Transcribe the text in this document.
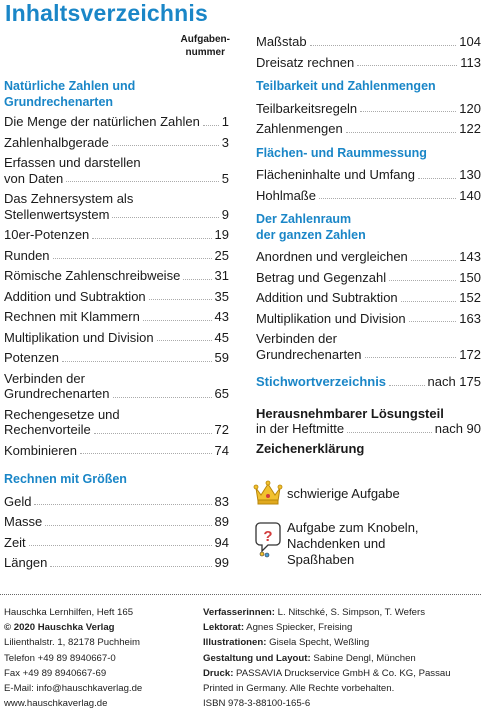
Inhaltsverzeichnis
Aufgaben-
nummer
Natürliche Zahlen und
Grundrechenarten
Die Menge der natürlichen Zahlen 1
Zahlenhalbgerade	3
Erfassen und darstellen
von Daten	5
Das Zehnersystem als
Stellenwertsystem	9
10er-Potenzen	19
Runden	25
Römische Zahlenschreibweise	31
Addition und Subtraktion	35
Rechnen mit Klammern	43
Multiplikation und Division	45
Potenzen	59
Verbinden der
Grundrechenarten	65
Rechengesetze und
Rechenvorteile	72
Kombinieren	74
Rechnen mit Größen
Geld	83
Masse	89
Zeit	94
Längen	99
Maßstab	104
Dreisatz rechnen	113
Teilbarkeit und Zahlenmengen
Teilbarkeitsregeln	120
Zahlenmengen	122
Flächen- und Raummessung
Flächeninhalte und Umfang	130
Hohlmaße	140
Der Zahlenraum
der ganzen Zahlen
Anordnen und vergleichen	143
Betrag und Gegenzahl	150
Addition und Subtraktion	152
Multiplikation und Division	163
Verbinden der
Grundrechenarten	172
Stichwortverzeichnis	nach 175
Herausnehmbarer Lösungsteil
in der Heftmitte	nach 90
Zeichenerklärung
schwierige Aufgabe
?
Aufgabe zum Knobeln,
Nachdenken und
Spaßhaben
Hauschka Lernhilfen, Heft 165
© 2020 Hauschka Verlag
Lilienthalstr. 1, 82178 Puchheim
Telefon +49 89 8940667-0
Fax +49 89 8940667-69
E-Mail: info@hauschkaverlag.de
www.hauschkaverlag.de
Verfasserinnen: L. Nitschké, S. Simpson, T. Wefers
Lektorat: Agnes Spiecker, Freising
Illustrationen: Gisela Specht, Weßling
Gestaltung und Layout: Sabine Dengl, München
Druck: PASSAVIA Druckservice GmbH & Co. KG, Passau
Printed in Germany. Alle Rechte vorbehalten.
ISBN 978-3-88100-165-6
